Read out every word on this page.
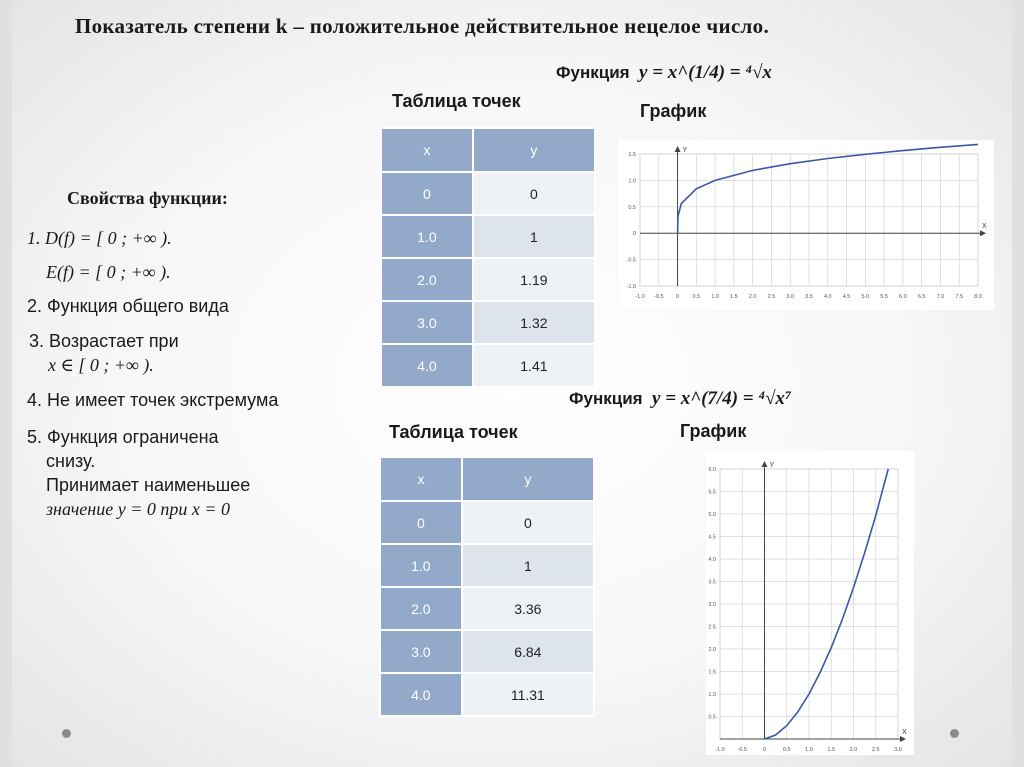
Показатель степени k – положительное действительное нецелое число.
Свойства функции:
1. D(f) = [ 0 ; +∞ ).
E(f) = [ 0 ; +∞ ).
2. Функция общего вида
3. Возрастает при
x ∈ [ 0 ; +∞ ).
4. Не имеет точек экстремума
5. Функция ограничена
снизу.
Принимает наименьшее
значение y = 0 при x = 0
Функция y = x^(1/4) = ⁴√x
Таблица точек	График
x	y
0	0
1.0	1
2.0	1.19
3.0	1.32
4.0	1.41
-1.0 -0.5 0 0.5 1.0 1.5 2.0 2.5 3.0 3.5 4.0 4.5 5.0 5.5 6.0 6.5 7.0 7.5 8.0
1.5
1.0
0.5
0
-0.5
-1.0
X
Y
Функция y = x^(7/4) = ⁴√x⁷
Таблица точек	График
x	y
0	0
1.0	1
2.0	3.36
3.0	6.84
4.0	11.31
-1.0 -0.5	0	0.5	1.0	1.5	2.0	2.5	3.0
6.0
5.5
5.0
4.5
4.0
3.5
3.0
2.5
2.0
1.5
1.0
0.5
X
Y
